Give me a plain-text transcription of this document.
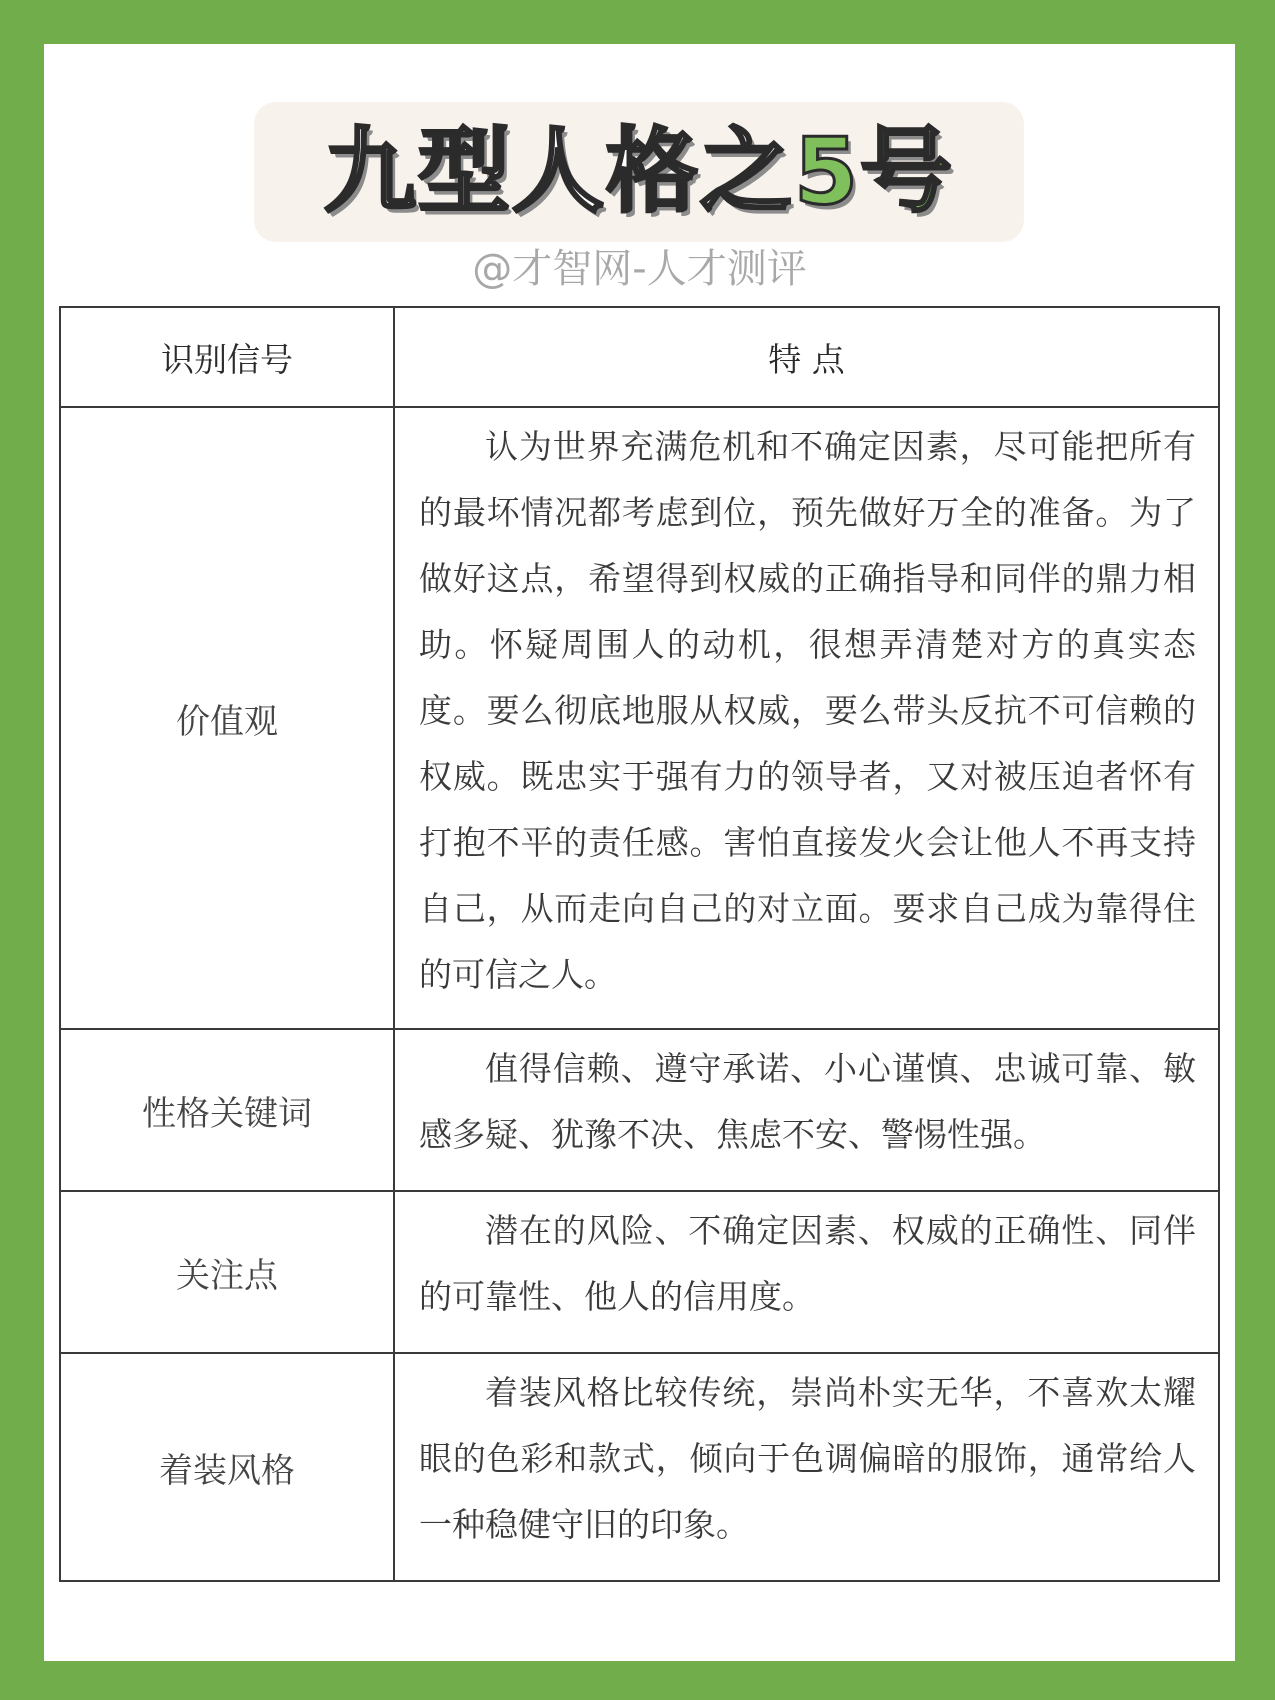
九型人格之5号
@才智网-人才测评
识别信号	特 点
价值观	认为世界充满危机和不确定因素，尽可能把所有的最坏情况都考虑到位，预先做好万全的准备。为了做好这点，希望得到权威的正确指导和同伴的鼎力相助。怀疑周围人的动机，很想弄清楚对方的真实态度。要么彻底地服从权威，要么带头反抗不可信赖的权威。既忠实于强有力的领导者，又对被压迫者怀有打抱不平的责任感。害怕直接发火会让他人不再支持自己，从而走向自己的对立面。要求自己成为靠得住的可信之人。
性格关键词	值得信赖、遵守承诺、小心谨慎、忠诚可靠、敏感多疑、犹豫不决、焦虑不安、警惕性强。
关注点	潜在的风险、不确定因素、权威的正确性、同伴的可靠性、他人的信用度。
着装风格	着装风格比较传统，崇尚朴实无华，不喜欢太耀眼的色彩和款式，倾向于色调偏暗的服饰，通常给人一种稳健守旧的印象。
